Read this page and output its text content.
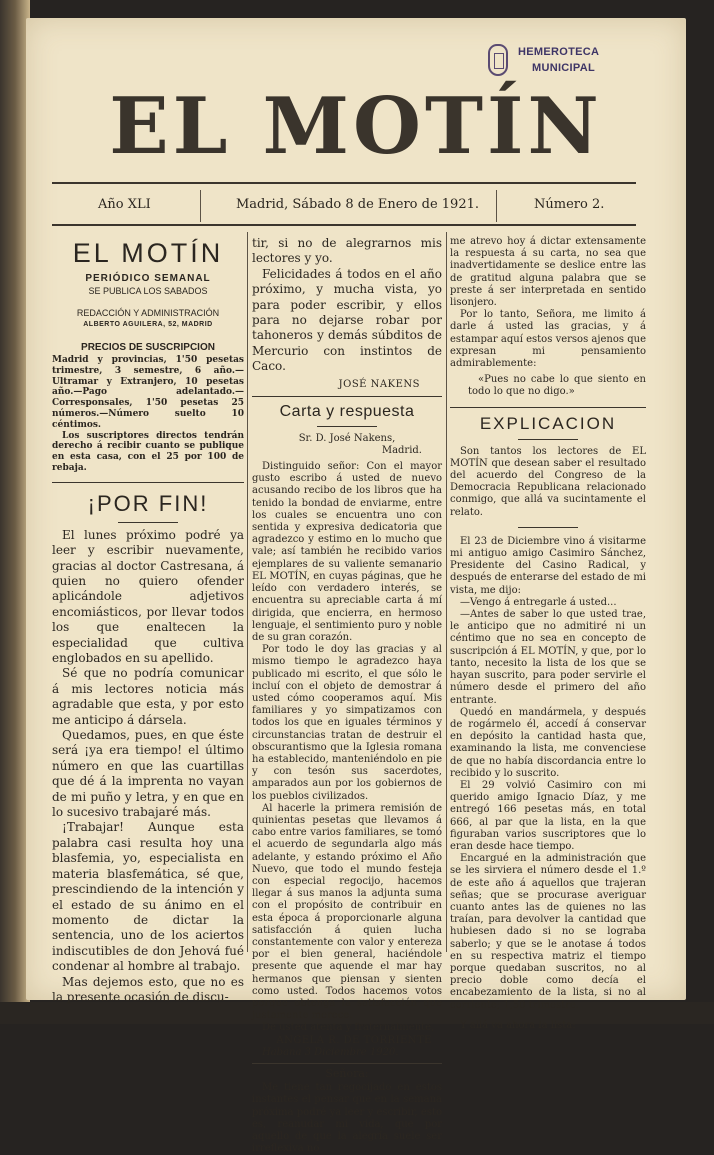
HEMEROTECA
MUNICIPAL
EL MOTÍN
Año XLI	Madrid, Sábado 8 de Enero de 1921.	Número 2.
EL MOTÍN
PERIÓDICO SEMANAL
SE PUBLICA LOS SABADOS
REDACCIÓN Y ADMINISTRACIÓN
ALBERTO AGUILERA, 52, MADRID
PRECIOS DE SUSCRIPCION
Madrid y provincias, 1'50 pesetas trimestre, 3 semestre, 6 año.—Ultramar y Extranjero, 10 pesetas año.—Pago adelantado.—Corresponsales, 1'50 pesetas 25 números.—Número suelto 10 céntimos.
Los suscriptores directos tendrán derecho á recibir cuanto se publique en esta casa, con el 25 por 100 de rebaja.
¡POR FIN!
El lunes próximo podré ya leer y escribir nuevamente, gracias al doctor Castresana, á quien no quiero ofender aplicándole adjetivos encomiásticos, por llevar todos los que enaltecen la especialidad que cultiva englobados en su apellido.
Sé que no podría comunicar á mis lectores noticia más agradable que esta, y por esto me anticipo á dársela.
Quedamos, pues, en que éste será ¡ya era tiempo! el último número en que las cuartillas que dé á la imprenta no vayan de mi puño y letra, y en que en lo sucesivo trabajaré más.
¡Trabajar! Aunque esta palabra casi resulta hoy una blasfemia, yo, especialista en materia blasfemática, sé que, prescindiendo de la intención y el estado de su ánimo en el momento de dictar la sentencia, uno de los aciertos indiscutibles de don Jehová fué condenar al hombre al trabajo.
Mas dejemos esto, que no es la presente ocasión de discu-
tir, si no de alegrarnos mis lectores y yo.
Felicidades á todos en el año próximo, y mucha vista, yo para poder escribir, y ellos para no dejarse robar por tahoneros y demás súbditos de Mercurio con instintos de Caco.
JOSÉ NAKENS
Carta y respuesta
Sr. D. José Nakens,
Madrid.
Distinguido señor: Con el mayor gusto escribo á usted de nuevo acusando recibo de los libros que ha tenido la bondad de enviarme, entre los cuales se encuentra uno con sentida y expresiva dedicatoria que agradezco y estimo en lo mucho que vale; así también he recibido varios ejemplares de su valiente semanario EL MOTÍN, en cuyas páginas, que he leído con verdadero interés, se encuentra su apreciable carta á mí dirigida, que encierra, en hermoso lenguaje, el sentimiento puro y noble de su gran corazón.
Por todo le doy las gracias y al mismo tiempo le agradezco haya publicado mi escrito, el que sólo le incluí con el objeto de demostrar á usted cómo cooperamos aquí. Mis familiares y yo simpatizamos con todos los que en iguales términos y circunstancias tratan de destruir el obscurantismo que la Iglesia romana ha establecido, manteniéndolo en pie y con tesón sus sacerdotes, amparados aun por los gobiernos de los pueblos civilizados.
Al hacerle la primera remisión de quinientas pesetas que llevamos á cabo entre varios familiares, se tomó el acuerdo de segundarla algo más adelante, y estando próximo el Año Nuevo, que todo el mundo festeja con especial regocijo, hacemos llegar á sus manos la adjunta suma con el propósito de contribuir en esta época á proporcionarle alguna satisfacción á quien lucha constantemente con valor y entereza por el bien general, haciéndole presente que aquende el mar hay hermanos que piensan y sienten como usted. Todos hacemos votos porque obtenga la satisfacción que justamente merece.
De usted atenta y fraternalmente,
ANGELA R. DE TORRIENTE
Habana 3 Diciembre 1920.
Señora:
Me tiene tan regocijado en estos instantes el pensar que en la semana próxima podré ya leer y escribir, esto es, reanudar mi vida, que por aquello de que la alegría suele ser irreflexiva no
me atrevo hoy á dictar extensamente la respuesta á su carta, no sea que inadvertidamente se deslice entre las de gratitud alguna palabra que se preste á ser interpretada en sentido lisonjero.
Por lo tanto, Señora, me limito á darle á usted las gracias, y á estampar aquí estos versos ajenos que expresan mi pensamiento admirablemente:
«Pues no cabe lo que siento en todo lo que no digo.»
EXPLICACION
Son tantos los lectores de EL MOTÍN que desean saber el resultado del acuerdo del Congreso de la Democracia Republicana relacionado conmigo, que allá va sucintamente el relato.
El 23 de Diciembre vino á visitarme mi antiguo amigo Casimiro Sánchez, Presidente del Casino Radical, y después de enterarse del estado de mi vista, me dijo:
—Vengo á entregarle á usted...
—Antes de saber lo que usted trae, le anticipo que no admitiré ni un céntimo que no sea en concepto de suscripción á EL MOTÍN, y que, por lo tanto, necesito la lista de los que se hayan suscrito, para poder servirle el número desde el primero del año entrante.
Quedó en mandármela, y después de rogármelo él, accedí á conservar en depósito la cantidad hasta que, examinando la lista, me convenciese de que no había discordancia entre lo recibido y lo suscrito.
El 29 volvió Casimiro con mi querido amigo Ignacio Díaz, y me entregó 166 pesetas más, en total 666, al par que la lista, en la que figuraban varios suscriptores que lo eran desde hace tiempo.
Encargué en la administración que se les sirviera el número desde el 1.º de este año á aquellos que trajeran señas; que se procurase averiguar cuanto antes las de quienes no las traían, para devolver la cantidad que hubiesen dado si no se lograba saberlo; y que se le anotase á todos en su respectiva matriz el tiempo porque quedaban suscritos, no al precio doble como decía el encabezamiento de la lista, si no al corriente; 1,50 trimestre.
Y allá va ahora la lista:
